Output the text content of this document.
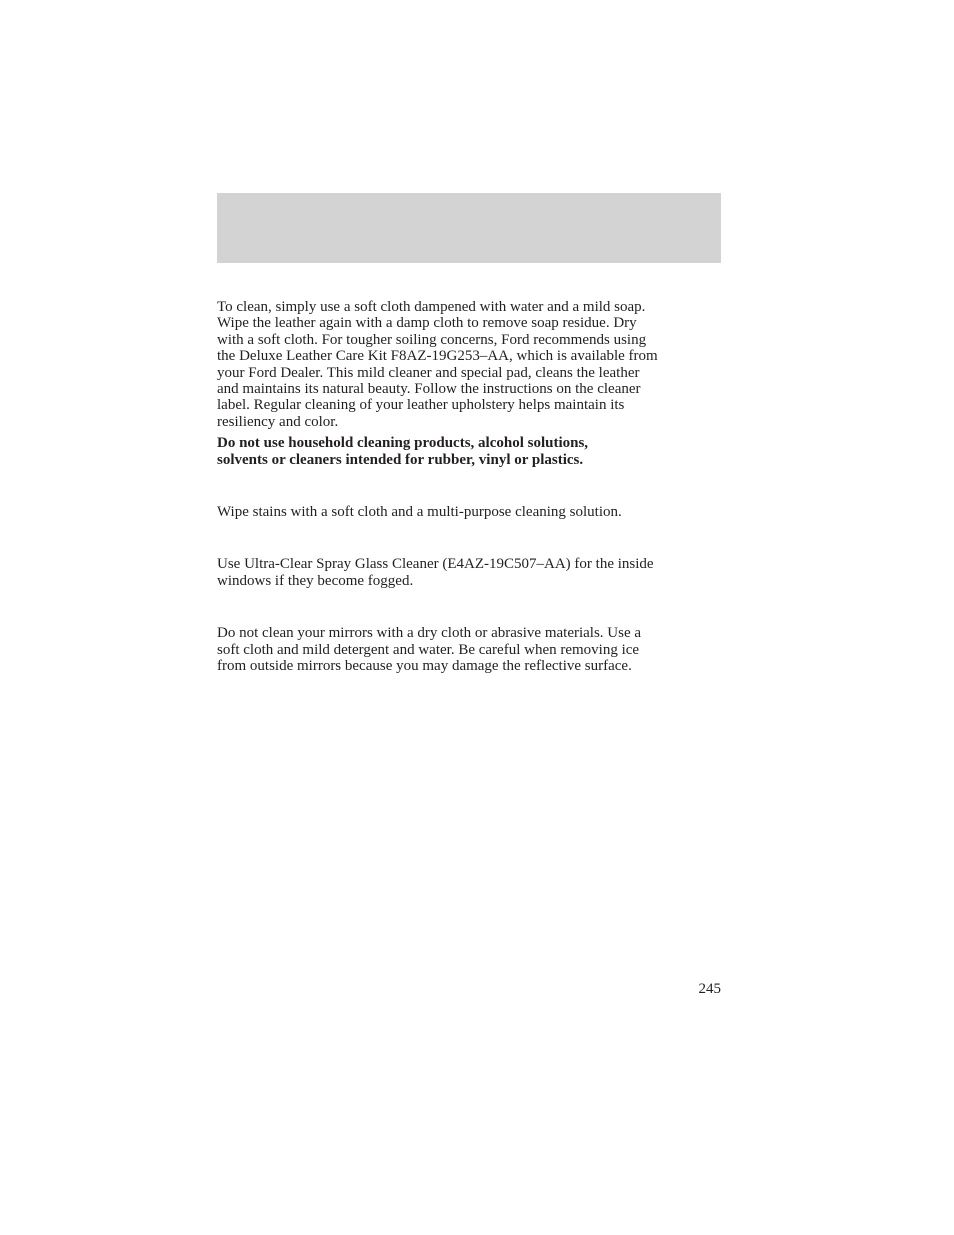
To clean, simply use a soft cloth dampened with water and a mild soap.
Wipe the leather again with a damp cloth to remove soap residue. Dry
with a soft cloth. For tougher soiling concerns, Ford recommends using
the Deluxe Leather Care Kit F8AZ-19G253–AA, which is available from
your Ford Dealer. This mild cleaner and special pad, cleans the leather
and maintains its natural beauty. Follow the instructions on the cleaner
label. Regular cleaning of your leather upholstery helps maintain its
resiliency and color.

Do not use household cleaning products, alcohol solutions,
solvents or cleaners intended for rubber, vinyl or plastics.

Wipe stains with a soft cloth and a multi-purpose cleaning solution.

Use Ultra-Clear Spray Glass Cleaner (E4AZ-19C507–AA) for the inside
windows if they become fogged.

Do not clean your mirrors with a dry cloth or abrasive materials. Use a
soft cloth and mild detergent and water. Be careful when removing ice
from outside mirrors because you may damage the reflective surface.

245
